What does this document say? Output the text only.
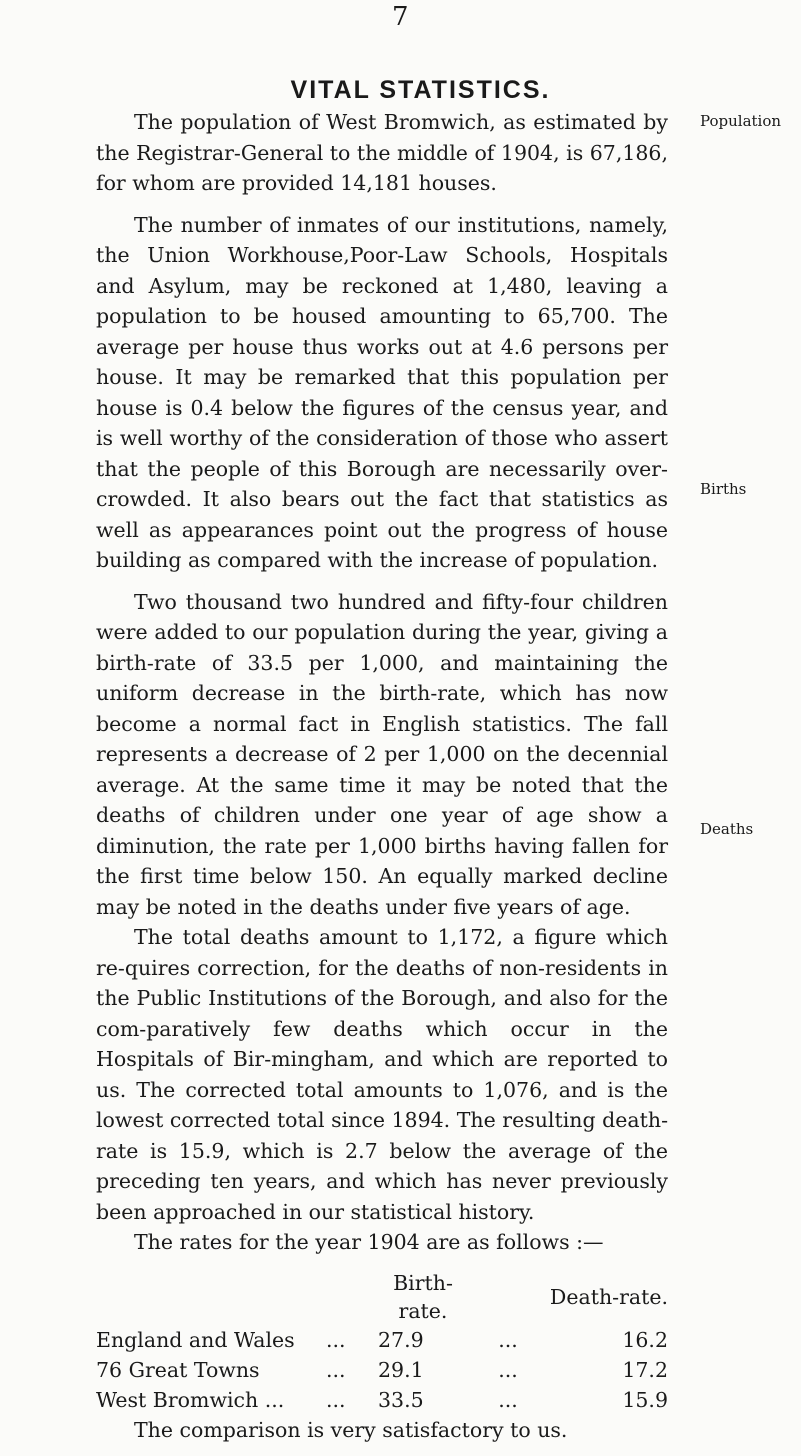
7
VITAL STATISTICS.
Population
Births
Deaths

The population of West Bromwich, as estimated by the Registrar-General to the middle of 1904, is 67,186, for whom are provided 14,181 houses.

The number of inmates of our institutions, namely, the Union Workhouse,Poor-Law Schools, Hospitals and Asylum, may be reckoned at 1,480, leaving a population to be housed amounting to 65,700. The average per house thus works out at 4.6 persons per house. It may be remarked that this population per house is 0.4 below the figures of the census year, and is well worthy of the consideration of those who assert that the people of this Borough are necessarily over-crowded. It also bears out the fact that statistics as well as appearances point out the progress of house building as compared with the increase of population.

Two thousand two hundred and fifty-four children were added to our population during the year, giving a birth-rate of 33.5 per 1,000, and maintaining the uniform decrease in the birth-rate, which has now become a normal fact in English statistics. The fall represents a decrease of 2 per 1,000 on the decennial average. At the same time it may be noted that the deaths of children under one year of age show a diminution, the rate per 1,000 births having fallen for the first time below 150. An equally marked decline may be noted in the deaths under five years of age.

The total deaths amount to 1,172, a figure which re-quires correction, for the deaths of non-residents in the Public Institutions of the Borough, and also for the com-paratively few deaths which occur in the Hospitals of Bir-mingham, and which are reported to us. The corrected total amounts to 1,076, and is the lowest corrected total since 1894. The resulting death-rate is 15.9, which is 2.7 below the average of the preceding ten years, and which has never previously been approached in our statistical history.

The rates for the year 1904 are as follows :—

		Birth-rate.		Death-rate.
England and Wales	...	27.9	...	16.2
76 Great Towns	...	29.1	...	17.2
West Bromwich ...	...	33.5	...	15.9

The comparison is very satisfactory to us.
